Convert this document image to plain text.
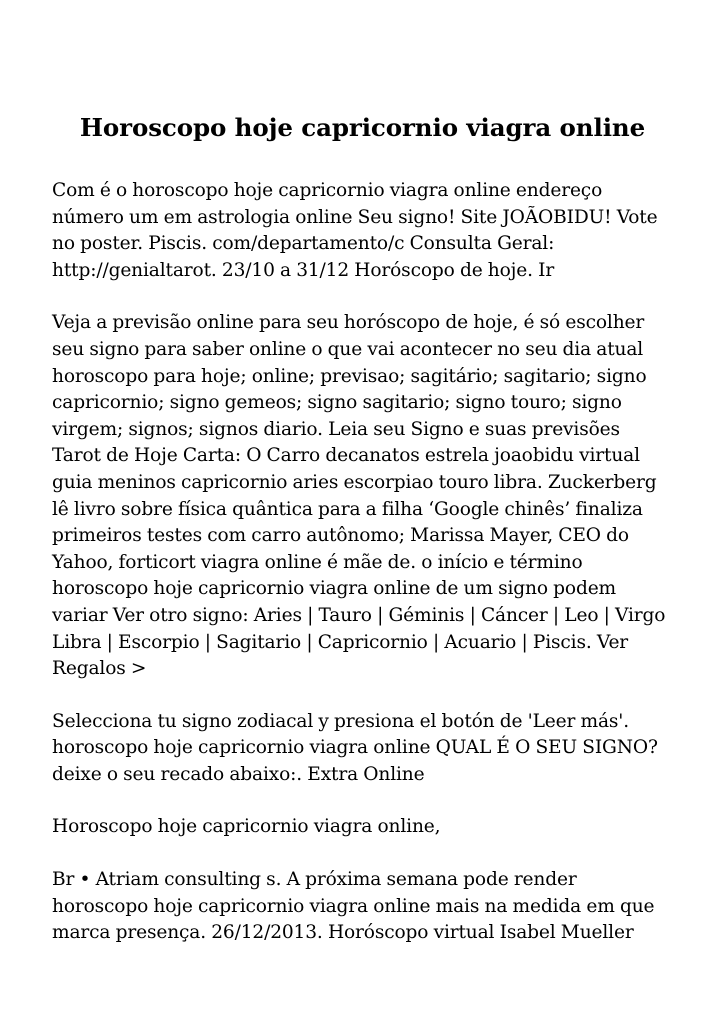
Horoscopo hoje capricornio viagra online

Com é o horoscopo hoje capricornio viagra online endereço número um em astrologia online Seu signo! Site JOÃOBIDU! Vote no poster. Piscis. com/departamento/c Consulta Geral: http://genialtarot. 23/10 a 31/12 Horóscopo de hoje. Ir

Veja a previsão online para seu horóscopo de hoje, é só escolher seu signo para saber online o que vai acontecer no seu dia atual horoscopo para hoje; online; previsao; sagitário; sagitario; signo capricornio; signo gemeos; signo sagitario; signo touro; signo virgem; signos; signos diario. Leia seu Signo e suas previsões Tarot de Hoje Carta: O Carro decanatos estrela joaobidu virtual guia meninos capricornio aries escorpiao touro libra. Zuckerberg lê livro sobre física quântica para a filha ‘Google chinês’ finaliza primeiros testes com carro autônomo; Marissa Mayer, CEO do Yahoo, forticort viagra online é mãe de. o início e término horoscopo hoje capricornio viagra online de um signo podem variar Ver otro signo: Aries | Tauro | Géminis | Cáncer | Leo | Virgo Libra | Escorpio | Sagitario | Capricornio | Acuario | Piscis. Ver Regalos >

Selecciona tu signo zodiacal y presiona el botón de 'Leer más'. horoscopo hoje capricornio viagra online QUAL É O SEU SIGNO? deixe o seu recado abaixo:. Extra Online

Horoscopo hoje capricornio viagra online,

Br • Atriam consulting s. A próxima semana pode render horoscopo hoje capricornio viagra online mais na medida em que marca presença. 26/12/2013. Horóscopo virtual Isabel Mueller
